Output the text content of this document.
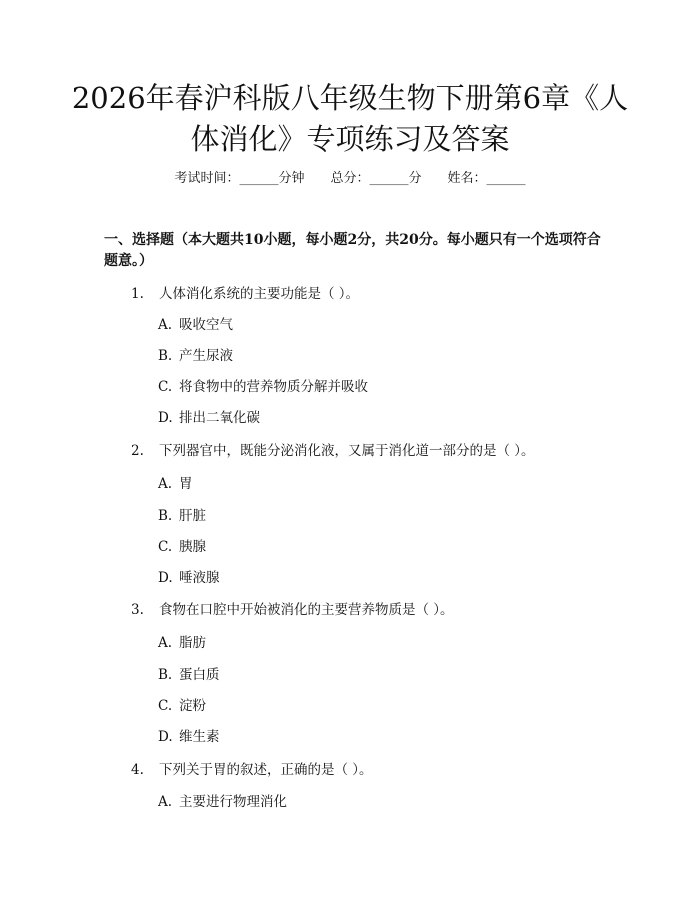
2026年春沪科版八年级生物下册第6章《人体消化》专项练习及答案
考试时间：______分钟 总分：______分 姓名：______
一、选择题（本大题共10小题，每小题2分，共20分。每小题只有一个选项符合题意。）
1. 人体消化系统的主要功能是（ ）。
A. 吸收空气
B. 产生尿液
C. 将食物中的营养物质分解并吸收
D. 排出二氧化碳
2. 下列器官中，既能分泌消化液，又属于消化道一部分的是（ ）。
A. 胃
B. 肝脏
C. 胰腺
D. 唾液腺
3. 食物在口腔中开始被消化的主要营养物质是（ ）。
A. 脂肪
B. 蛋白质
C. 淀粉
D. 维生素
4. 下列关于胃的叙述，正确的是（ ）。
A. 主要进行物理消化
